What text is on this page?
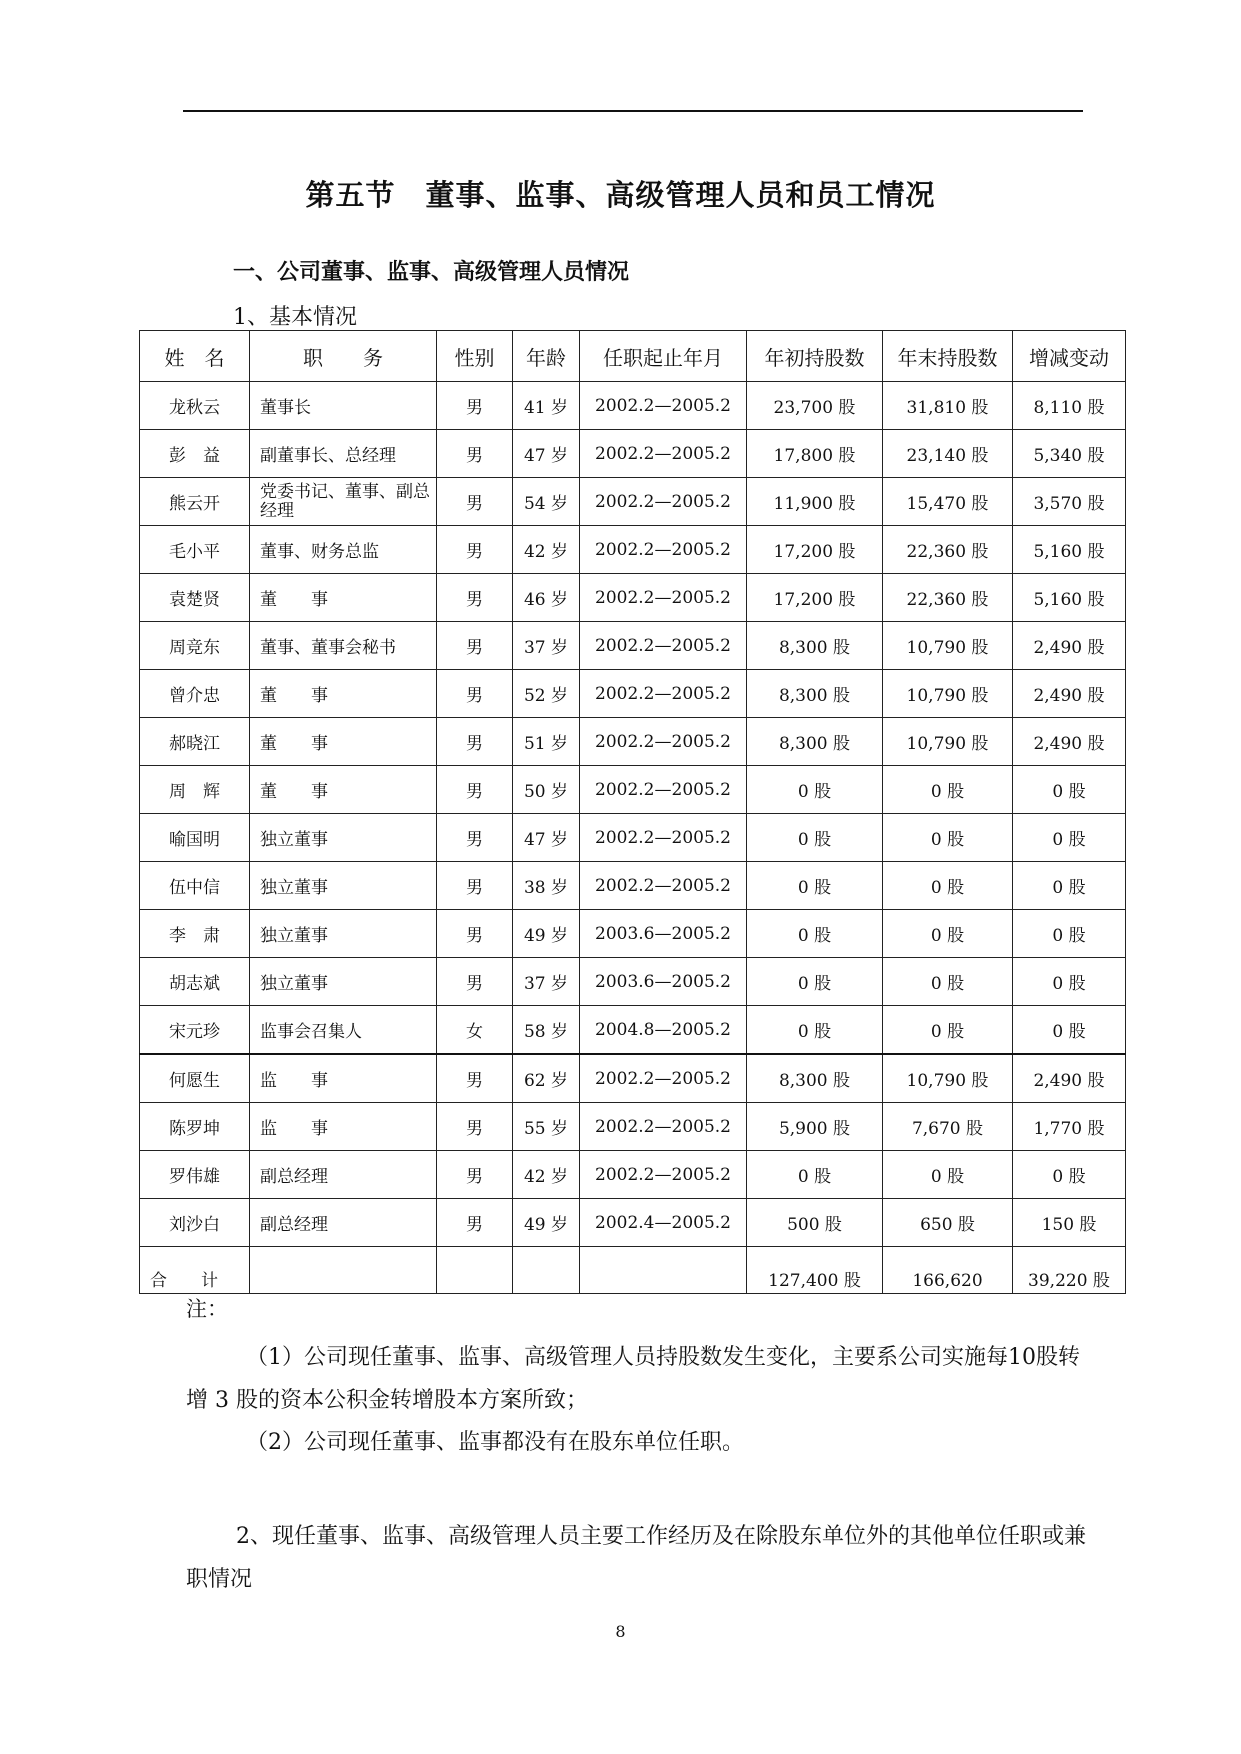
第五节 董事、监事、高级管理人员和员工情况
一、公司董事、监事、高级管理人员情况
1、基本情况
姓　名	职　　务	性别	年龄	任职起止年月	年初持股数	年末持股数	增减变动
龙秋云	董事长	男	41 岁	2002.2—2005.2	23,700 股	31,810 股	8,110 股
彭　益	副董事长、总经理	男	47 岁	2002.2—2005.2	17,800 股	23,140 股	5,340 股
熊云开	党委书记、董事、副总经理	男	54 岁	2002.2—2005.2	11,900 股	15,470 股	3,570 股
毛小平	董事、财务总监	男	42 岁	2002.2—2005.2	17,200 股	22,360 股	5,160 股
袁楚贤	董　　事	男	46 岁	2002.2—2005.2	17,200 股	22,360 股	5,160 股
周竞东	董事、董事会秘书	男	37 岁	2002.2—2005.2	8,300 股	10,790 股	2,490 股
曾介忠	董　　事	男	52 岁	2002.2—2005.2	8,300 股	10,790 股	2,490 股
郝晓江	董　　事	男	51 岁	2002.2—2005.2	8,300 股	10,790 股	2,490 股
周　辉	董　　事	男	50 岁	2002.2—2005.2	0 股	0 股	0 股
喻国明	独立董事	男	47 岁	2002.2—2005.2	0 股	0 股	0 股
伍中信	独立董事	男	38 岁	2002.2—2005.2	0 股	0 股	0 股
李　肃	独立董事	男	49 岁	2003.6—2005.2	0 股	0 股	0 股
胡志斌	独立董事	男	37 岁	2003.6—2005.2	0 股	0 股	0 股
宋元珍	监事会召集人	女	58 岁	2004.8—2005.2	0 股	0 股	0 股
何愿生	监　　事	男	62 岁	2002.2—2005.2	8,300 股	10,790 股	2,490 股
陈罗坤	监　　事	男	55 岁	2002.2—2005.2	5,900 股	7,670 股	1,770 股
罗伟雄	副总经理	男	42 岁	2002.2—2005.2	0 股	0 股	0 股
刘沙白	副总经理	男	49 岁	2002.4—2005.2	500 股	650 股	150 股
合　　计					127,400 股	166,620	39,220 股
注：
（1）公司现任董事、监事、高级管理人员持股数发生变化，主要系公司实施每10股转增 3 股的资本公积金转增股本方案所致；
（2）公司现任董事、监事都没有在股东单位任职。
2、现任董事、监事、高级管理人员主要工作经历及在除股东单位外的其他单位任职或兼职情况
8
